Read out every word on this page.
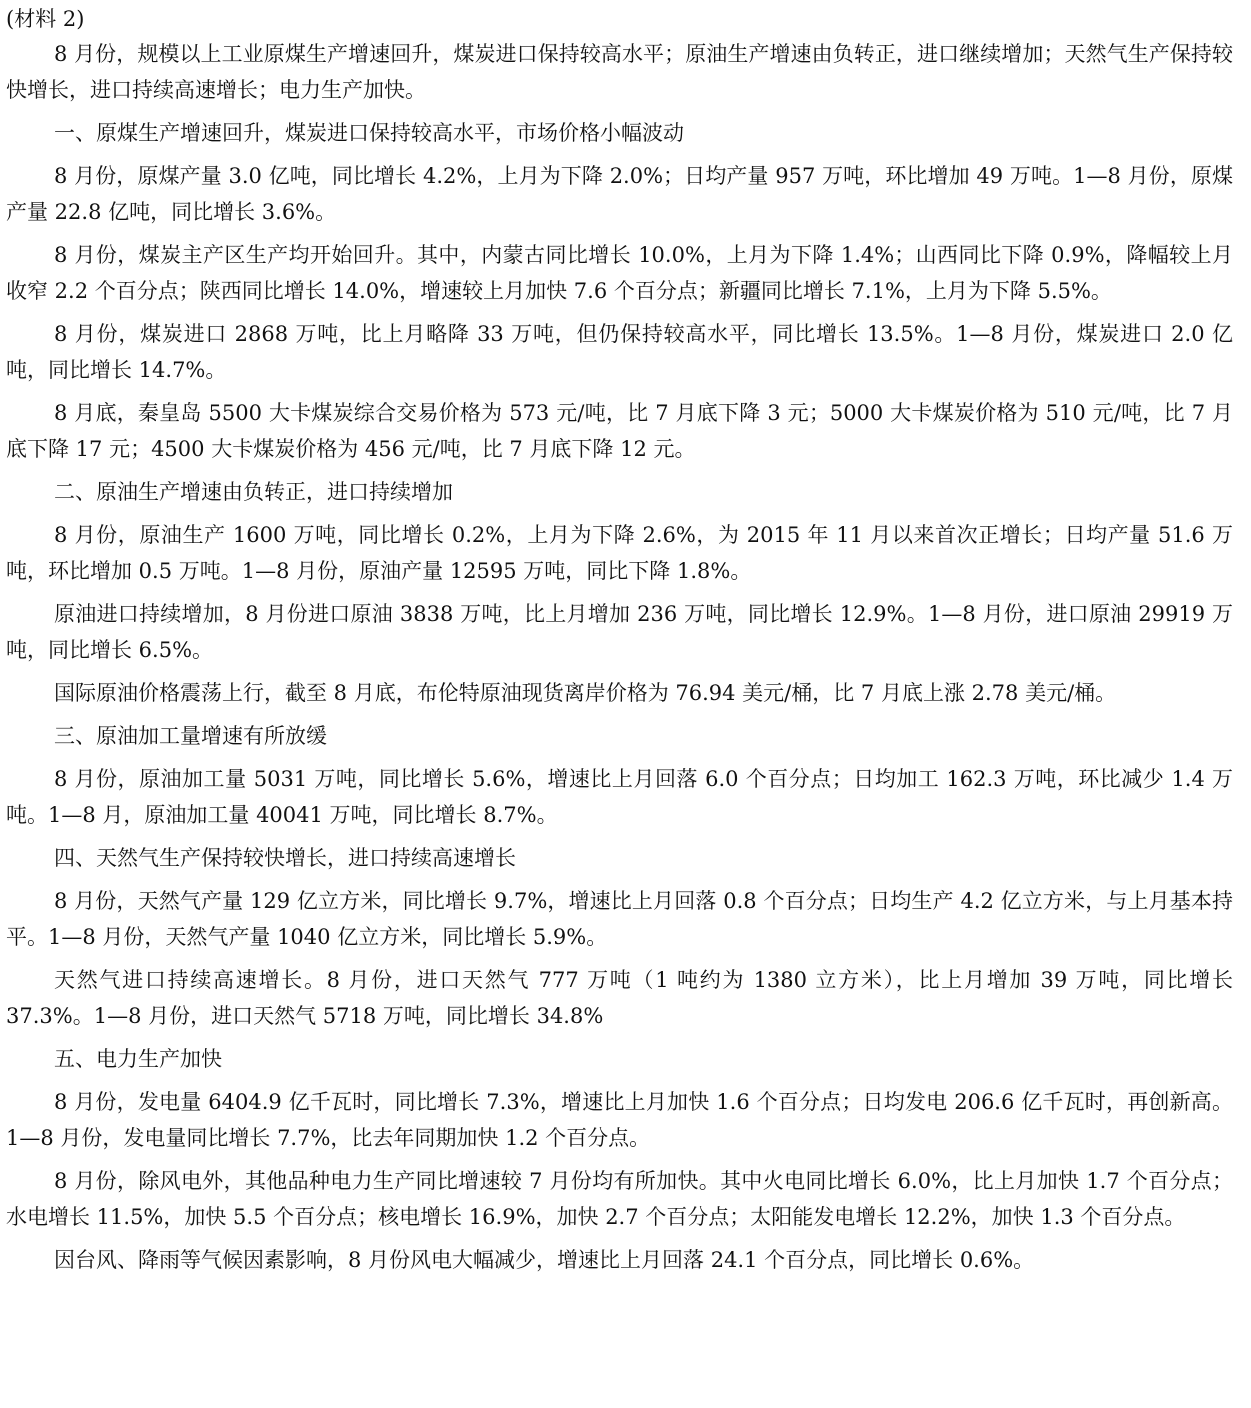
(材料 2)

8 月份，规模以上工业原煤生产增速回升，煤炭进口保持较高水平；原油生产增速由负转正，进口继续增加；天然气生产保持较快增长，进口持续高速增长；电力生产加快。

一、原煤生产增速回升，煤炭进口保持较高水平，市场价格小幅波动

8 月份，原煤产量 3.0 亿吨，同比增长 4.2%，上月为下降 2.0%；日均产量 957 万吨，环比增加 49 万吨。1—8 月份，原煤产量 22.8 亿吨，同比增长 3.6%。

8 月份，煤炭主产区生产均开始回升。其中，内蒙古同比增长 10.0%，上月为下降 1.4%；山西同比下降 0.9%，降幅较上月收窄 2.2 个百分点；陕西同比增长 14.0%，增速较上月加快 7.6 个百分点；新疆同比增长 7.1%，上月为下降 5.5%。

8 月份，煤炭进口 2868 万吨，比上月略降 33 万吨，但仍保持较高水平，同比增长 13.5%。1—8 月份，煤炭进口 2.0 亿吨，同比增长 14.7%。

8 月底，秦皇岛 5500 大卡煤炭综合交易价格为 573 元/吨，比 7 月底下降 3 元；5000 大卡煤炭价格为 510 元/吨，比 7 月底下降 17 元；4500 大卡煤炭价格为 456 元/吨，比 7 月底下降 12 元。

二、原油生产增速由负转正，进口持续增加

8 月份，原油生产 1600 万吨，同比增长 0.2%，上月为下降 2.6%，为 2015 年 11 月以来首次正增长；日均产量 51.6 万吨，环比增加 0.5 万吨。1—8 月份，原油产量 12595 万吨，同比下降 1.8%。

原油进口持续增加，8 月份进口原油 3838 万吨，比上月增加 236 万吨，同比增长 12.9%。1—8 月份，进口原油 29919 万吨，同比增长 6.5%。

国际原油价格震荡上行，截至 8 月底，布伦特原油现货离岸价格为 76.94 美元/桶，比 7 月底上涨 2.78 美元/桶。

三、原油加工量增速有所放缓

8 月份，原油加工量 5031 万吨，同比增长 5.6%，增速比上月回落 6.0 个百分点；日均加工 162.3 万吨，环比减少 1.4 万吨。1—8 月，原油加工量 40041 万吨，同比增长 8.7%。

四、天然气生产保持较快增长，进口持续高速增长

8 月份，天然气产量 129 亿立方米，同比增长 9.7%，增速比上月回落 0.8 个百分点；日均生产 4.2 亿立方米，与上月基本持平。1—8 月份，天然气产量 1040 亿立方米，同比增长 5.9%。

天然气进口持续高速增长。8 月份，进口天然气 777 万吨（1 吨约为 1380 立方米），比上月增加 39 万吨，同比增长 37.3%。1—8 月份，进口天然气 5718 万吨，同比增长 34.8%

五、电力生产加快

8 月份，发电量 6404.9 亿千瓦时，同比增长 7.3%，增速比上月加快 1.6 个百分点；日均发电 206.6 亿千瓦时，再创新高。1—8 月份，发电量同比增长 7.7%，比去年同期加快 1.2 个百分点。

8 月份，除风电外，其他品种电力生产同比增速较 7 月份均有所加快。其中火电同比增长 6.0%，比上月加快 1.7 个百分点；水电增长 11.5%，加快 5.5 个百分点；核电增长 16.9%，加快 2.7 个百分点；太阳能发电增长 12.2%，加快 1.3 个百分点。

因台风、降雨等气候因素影响，8 月份风电大幅减少，增速比上月回落 24.1 个百分点，同比增长 0.6%。
